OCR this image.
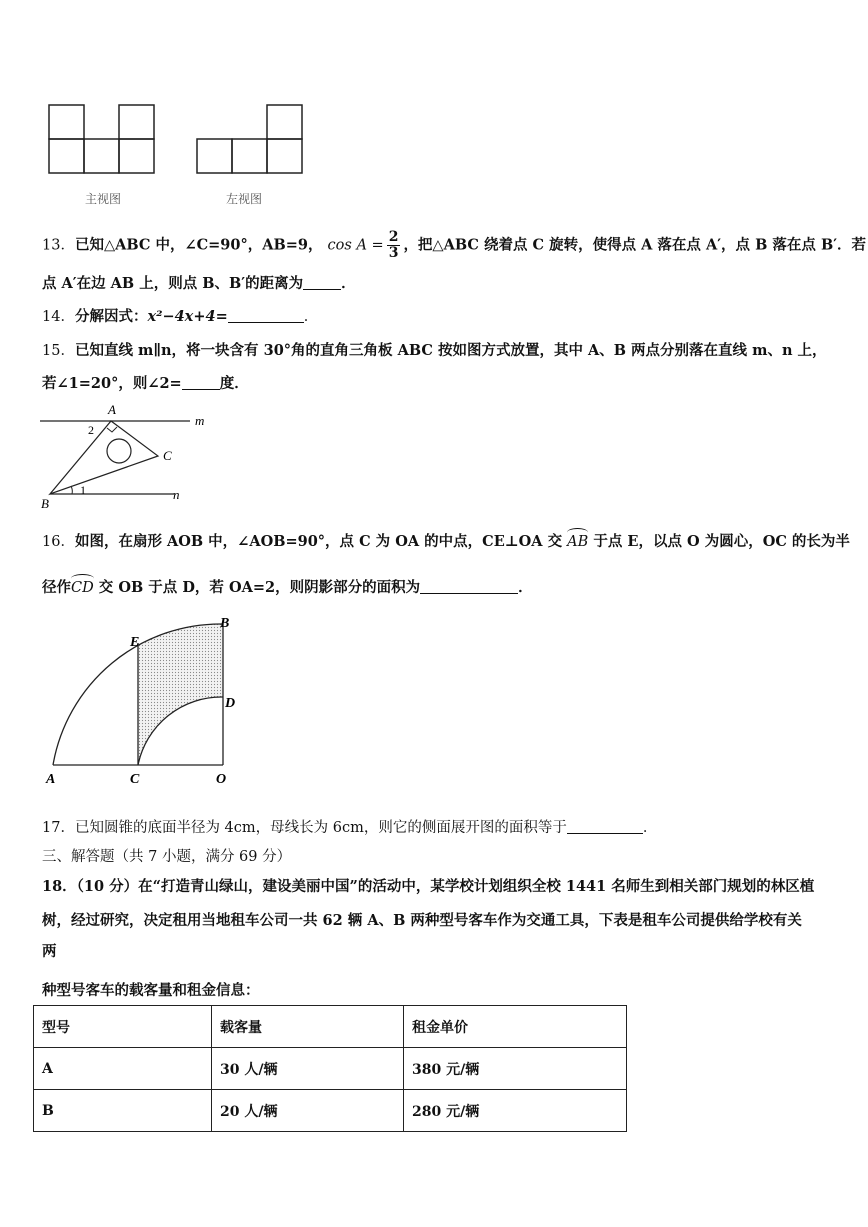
主视图	左视图
13．已知△ABC 中，∠C=90°，AB=9， $\cos A = \frac{2}{3}$ ，把△ABC 绕着点 C 旋转，使得点 A 落在点 A′，点 B 落在点 B′．若
点 A′在边 AB 上，则点 B、B′的距离为	．
14．分解因式：x²−4x+4=	．
15．已知直线 m∥n，将一块含有 30°角的直角三角板 ABC 按如图方式放置，其中 A、B 两点分别落在直线 m、n 上，
若∠1=20°，则∠2=	度．
m
n
A
C
B
1
2
16．如图，在扇形 AOB 中，∠AOB=90°，点 C 为 OA 的中点，CE⊥OA 交 AB 于点 E，以点 O 为圆心，OC 的长为半
径作CD 交 OB 于点 D，若 OA=2，则阴影部分的面积为	．
E
B
D
A	C	O
17．已知圆锥的底面半径为 4cm，母线长为 6cm，则它的侧面展开图的面积等于	．
三、解答题（共 7 小题，满分 69 分）
18．（10 分）在“打造青山绿山，建设美丽中国”的活动中，某学校计划组织全校 1441 名师生到相关部门规划的林区植
树，经过研究，决定租用当地租车公司一共 62 辆 A、B 两种型号客车作为交通工具，下表是租车公司提供给学校有关
两
种型号客车的载客量和租金信息：
型号	载客量	租金单价
A	30 人/辆	380 元/辆
B	20 人/辆	280 元/辆
